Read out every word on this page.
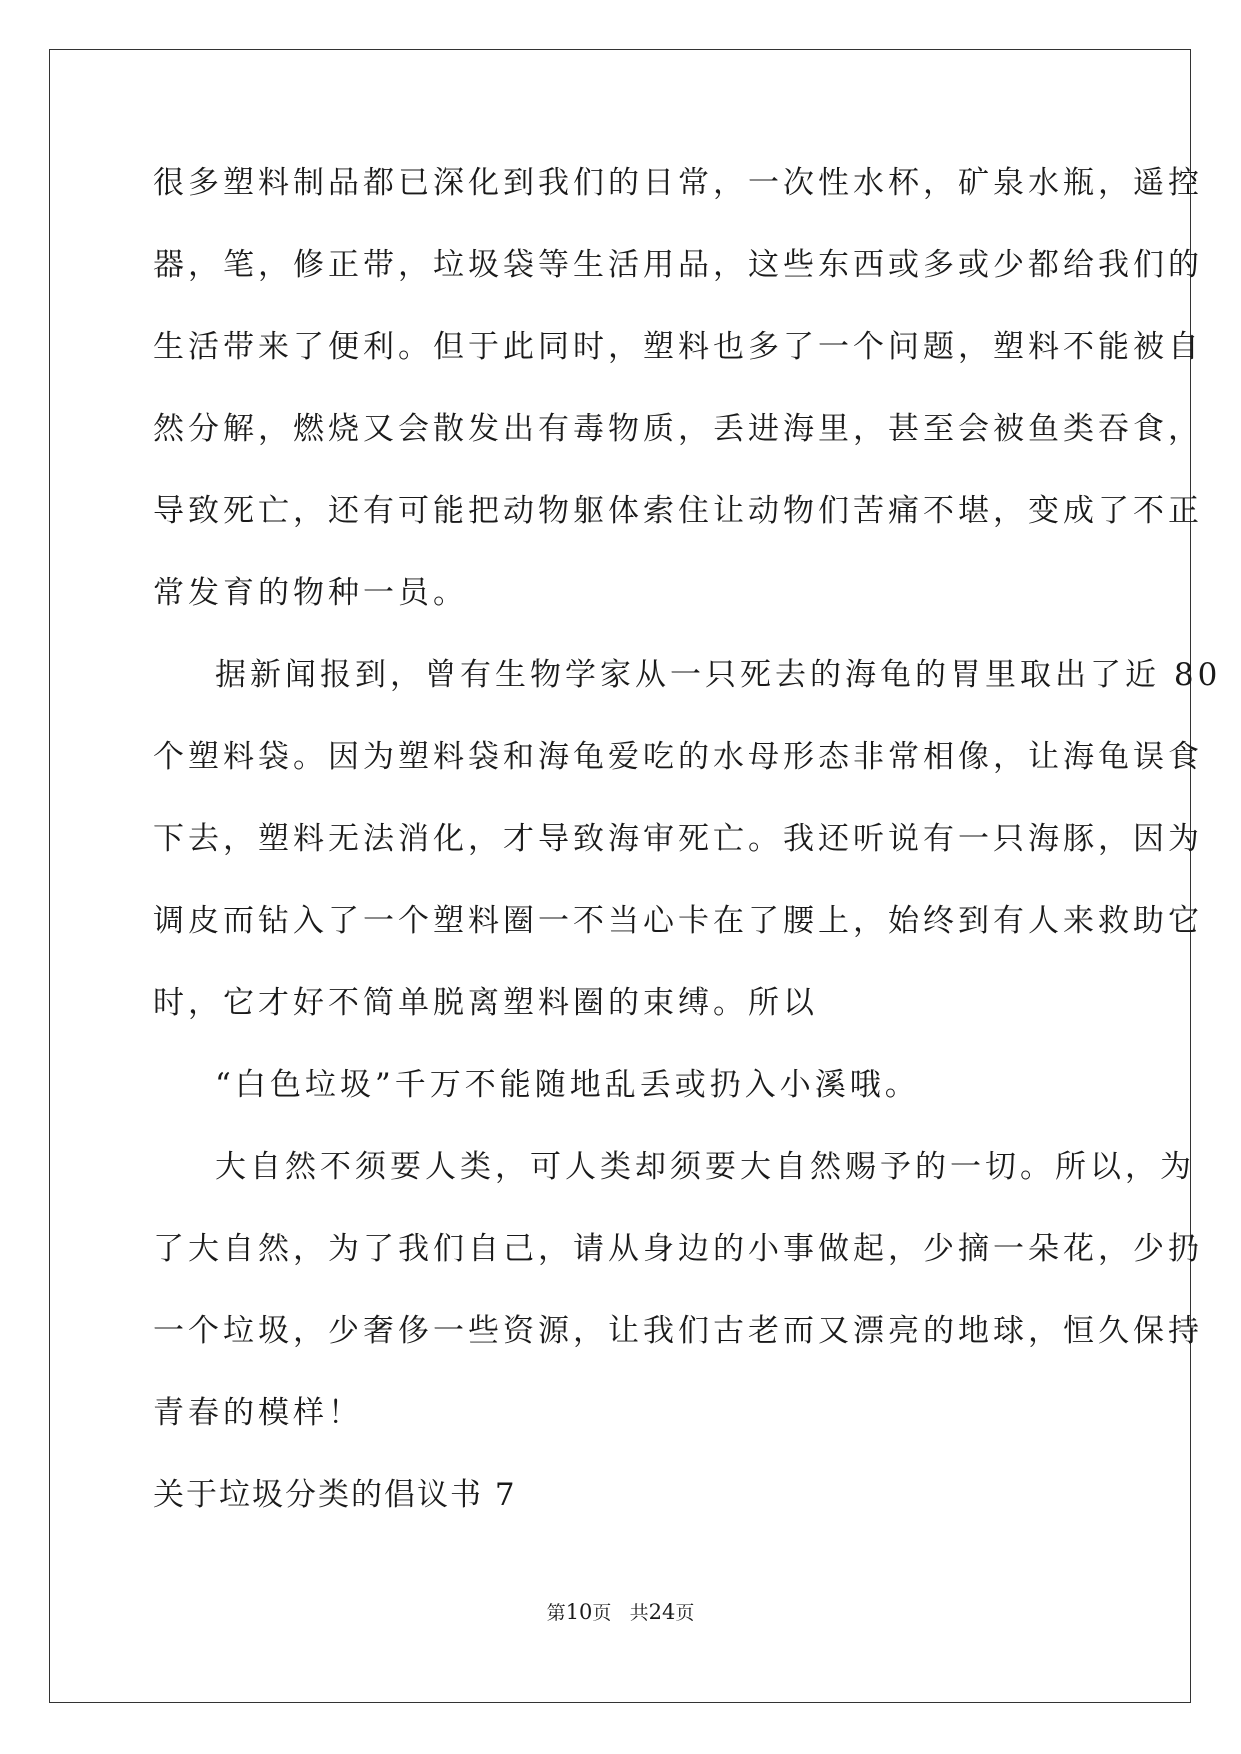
很多塑料制品都已深化到我们的日常，一次性水杯，矿泉水瓶，遥控
器，笔，修正带，垃圾袋等生活用品，这些东西或多或少都给我们的
生活带来了便利。但于此同时，塑料也多了一个问题，塑料不能被自
然分解，燃烧又会散发出有毒物质，丢进海里，甚至会被鱼类吞食，
导致死亡，还有可能把动物躯体索住让动物们苦痛不堪，变成了不正
常发育的物种一员。
据新闻报到，曾有生物学家从一只死去的海龟的胃里取出了近 80
个塑料袋。因为塑料袋和海龟爱吃的水母形态非常相像，让海龟误食
下去，塑料无法消化，才导致海审死亡。我还听说有一只海豚，因为
调皮而钻入了一个塑料圈一不当心卡在了腰上，始终到有人来救助它
时，它才好不简单脱离塑料圈的束缚。所以
“白色垃圾”千万不能随地乱丢或扔入小溪哦。
大自然不须要人类，可人类却须要大自然赐予的一切。所以，为
了大自然，为了我们自己，请从身边的小事做起，少摘一朵花，少扔
一个垃圾，少奢侈一些资源，让我们古老而又漂亮的地球，恒久保持
青春的模样！
关于垃圾分类的倡议书 7
第10页 共24页
